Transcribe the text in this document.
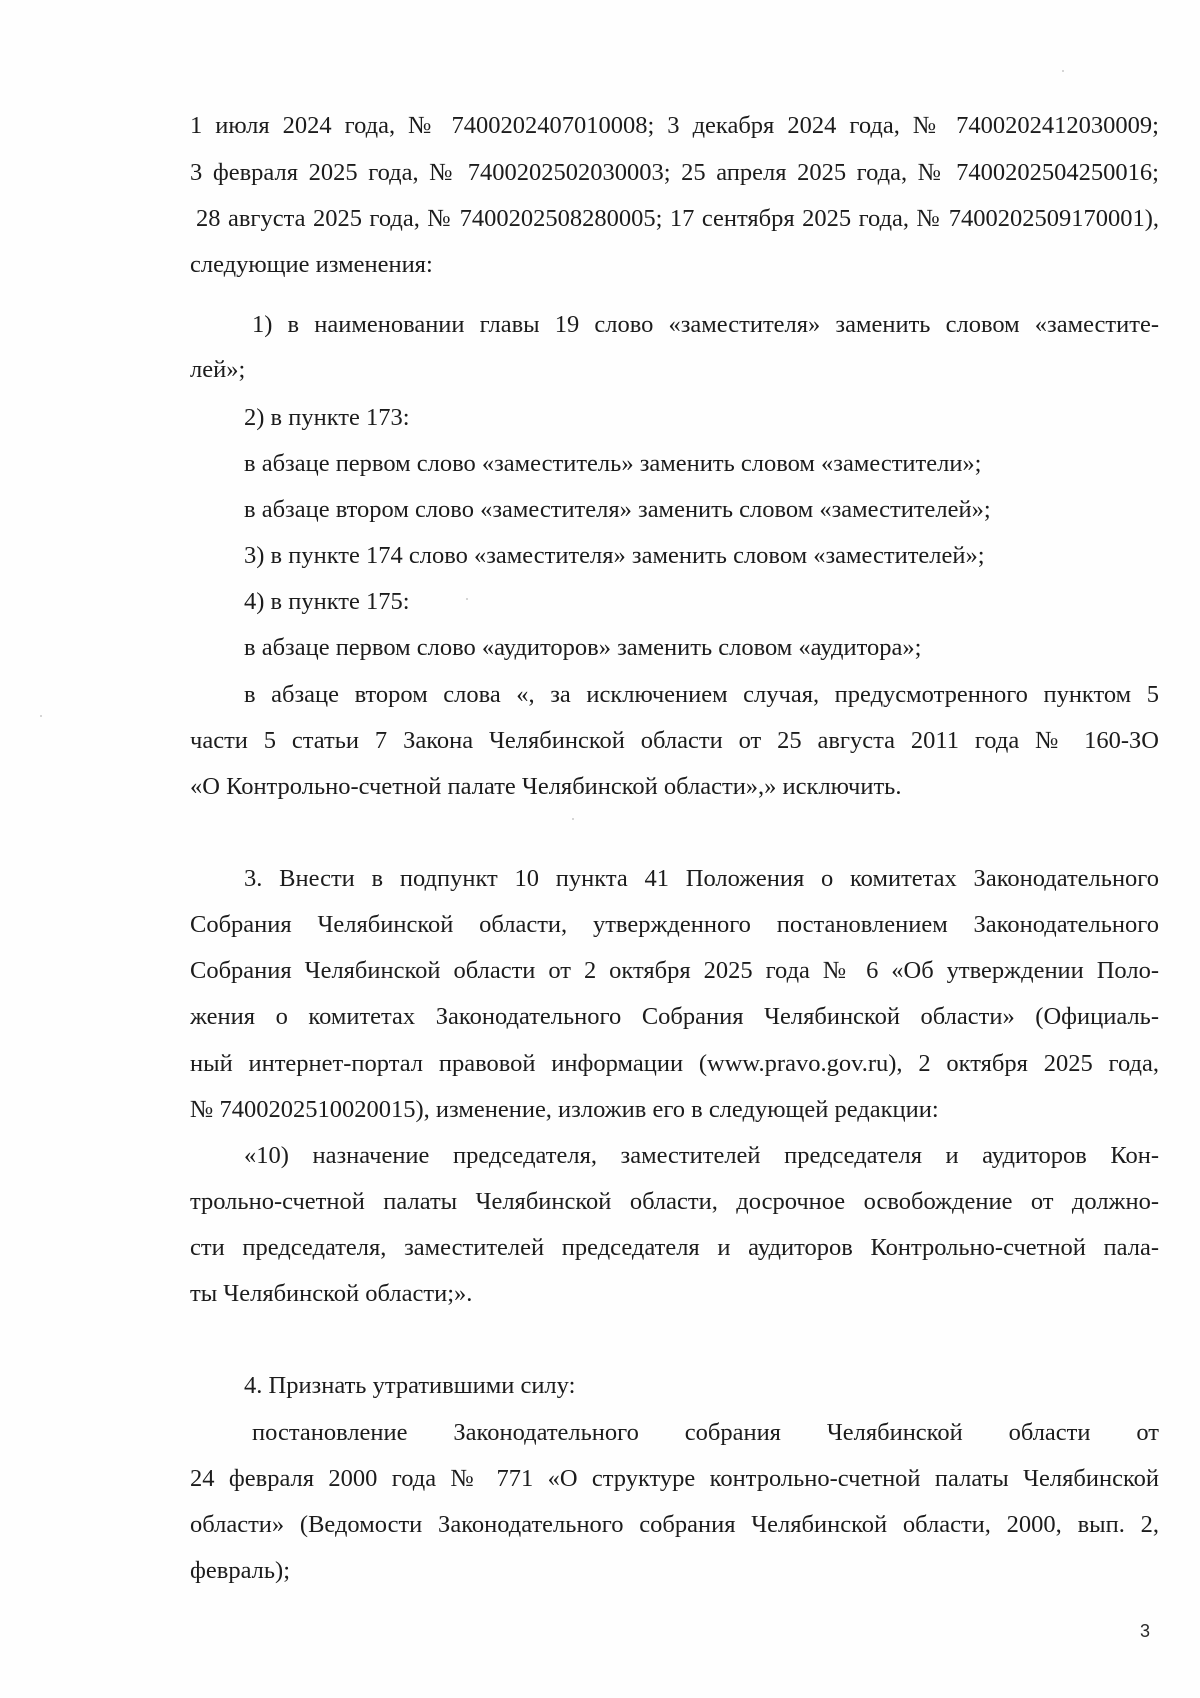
1 июля 2024 года, № 7400202407010008; 3 декабря 2024 года, № 7400202412030009;
3 февраля 2025 года, № 7400202502030003; 25 апреля 2025 года, № 7400202504250016;
28 августа 2025 года, № 7400202508280005; 17 сентября 2025 года, № 7400202509170001),
следующие изменения:
1) в наименовании главы 19 слово «заместителя» заменить словом «заместите-
лей»;
2) в пункте 173:
в абзаце первом слово «заместитель» заменить словом «заместители»;
в абзаце втором слово «заместителя» заменить словом «заместителей»;
3) в пункте 174 слово «заместителя» заменить словом «заместителей»;
4) в пункте 175:
в абзаце первом слово «аудиторов» заменить словом «аудитора»;
в абзаце втором слова «, за исключением случая, предусмотренного пунктом 5
части 5 статьи 7 Закона Челябинской области от 25 августа 2011 года № 160-ЗО
«О Контрольно-счетной палате Челябинской области»,» исключить.
3. Внести в подпункт 10 пункта 41 Положения о комитетах Законодательного
Собрания Челябинской области, утвержденного постановлением Законодательного
Собрания Челябинской области от 2 октября 2025 года № 6 «Об утверждении Поло-
жения о комитетах Законодательного Собрания Челябинской области» (Официаль-
ный интернет-портал правовой информации (www.pravo.gov.ru), 2 октября 2025 года,
№ 7400202510020015), изменение, изложив его в следующей редакции:
«10) назначение председателя, заместителей председателя и аудиторов Кон-
трольно-счетной палаты Челябинской области, досрочное освобождение от должно-
сти председателя, заместителей председателя и аудиторов Контрольно-счетной пала-
ты Челябинской области;».
4. Признать утратившими силу:
постановление Законодательного собрания Челябинской области от
24 февраля 2000 года № 771 «О структуре контрольно-счетной палаты Челябинской
области» (Ведомости Законодательного собрания Челябинской области, 2000, вып. 2,
февраль);
3
